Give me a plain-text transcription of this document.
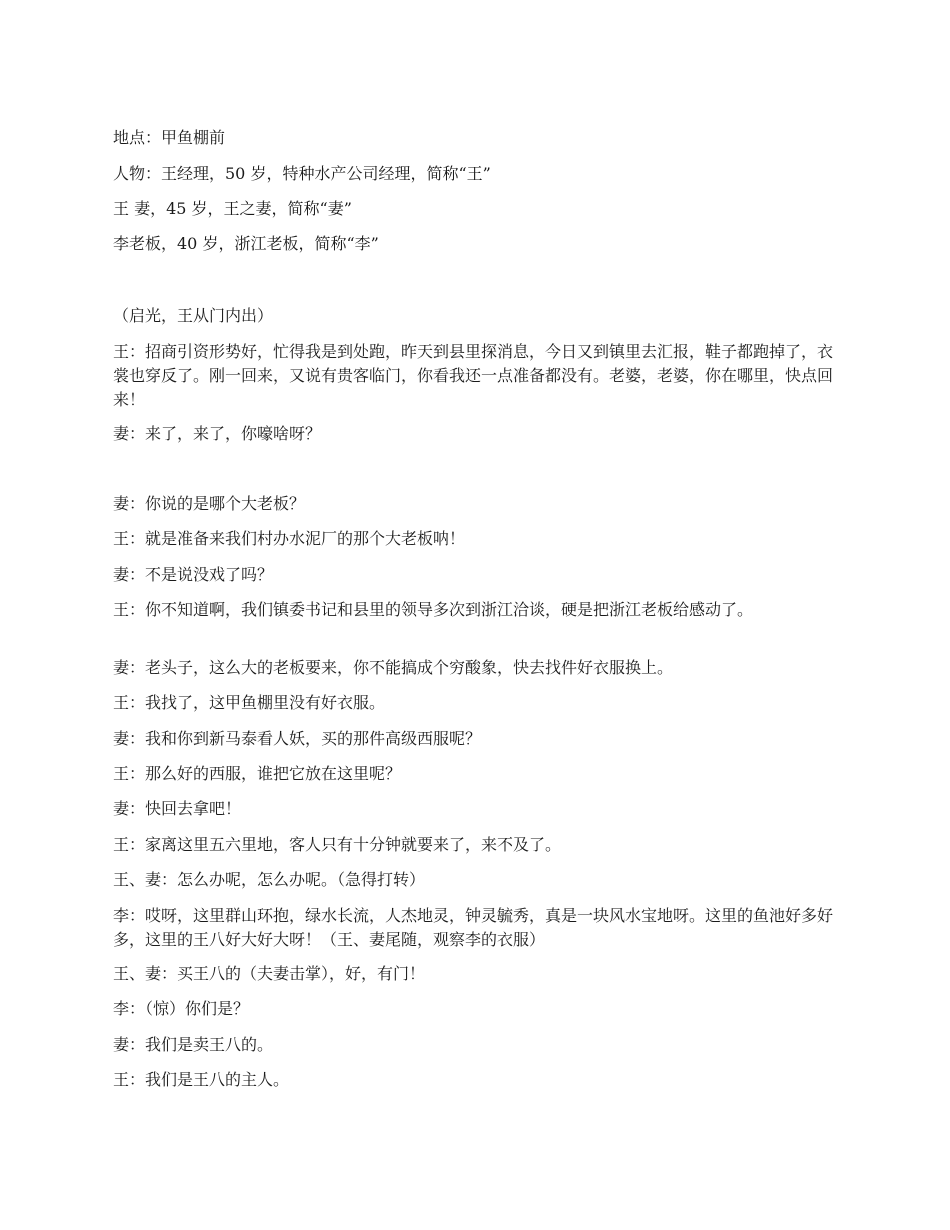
地点：甲鱼棚前

人物：王经理，50 岁，特种水产公司经理，简称“王”

王 妻，45 岁，王之妻，简称“妻”

李老板，40 岁，浙江老板，简称“李”

（启光，王从门内出）

王：招商引资形势好，忙得我是到处跑，昨天到县里探消息，今日又到镇里去汇报，鞋子都跑掉了，衣裳也穿反了。刚一回来，又说有贵客临门，你看我还一点准备都没有。老婆，老婆，你在哪里，快点回来！

妻：来了，来了，你嚎啥呀？

妻：你说的是哪个大老板？

王：就是准备来我们村办水泥厂的那个大老板呐！

妻：不是说没戏了吗？

王：你不知道啊，我们镇委书记和县里的领导多次到浙江洽谈，硬是把浙江老板给感动了。

妻：老头子，这么大的老板要来，你不能搞成个穷酸象，快去找件好衣服换上。

王：我找了，这甲鱼棚里没有好衣服。

妻：我和你到新马泰看人妖，买的那件高级西服呢？

王：那么好的西服，谁把它放在这里呢？

妻：快回去拿吧！

王：家离这里五六里地，客人只有十分钟就要来了，来不及了。

王、妻：怎么办呢，怎么办呢。（急得打转）

李：哎呀，这里群山环抱，绿水长流，人杰地灵，钟灵毓秀，真是一块风水宝地呀。这里的鱼池好多好多，这里的王八好大好大呀！（王、妻尾随，观察李的衣服）

王、妻：买王八的（夫妻击掌），好，有门！

李：（惊）你们是？

妻：我们是卖王八的。

王：我们是王八的主人。
